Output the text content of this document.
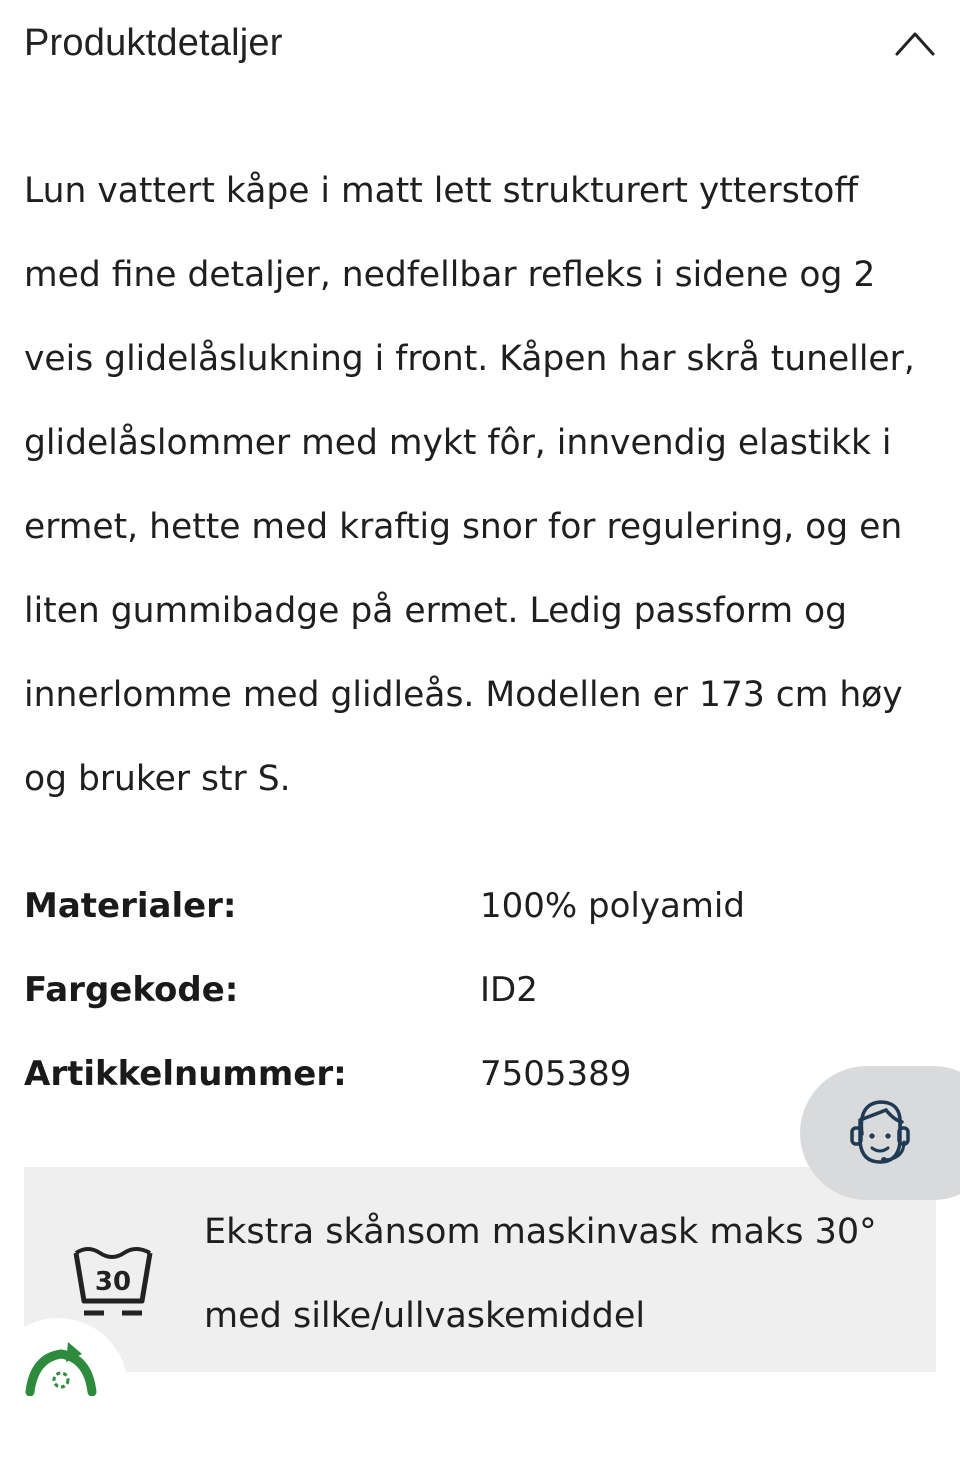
Produktdetaljer

Lun vattert kåpe i matt lett strukturert ytterstoff med fine detaljer, nedfellbar refleks i sidene og 2 veis glidelåslukning i front. Kåpen har skrå tuneller, glidelåslommer med mykt fôr, innvendig elastikk i ermet, hette med kraftig snor for regulering, og en liten gummibadge på ermet. Ledig passform og innerlomme med glidleås. Modellen er 173 cm høy og bruker str S.

Materialer:	100% polyamid
Fargekode:	ID2
Artikkelnummer:	7505389
30

Ekstra skånsom maskinvask maks 30° med silke/ullvaskemiddel
